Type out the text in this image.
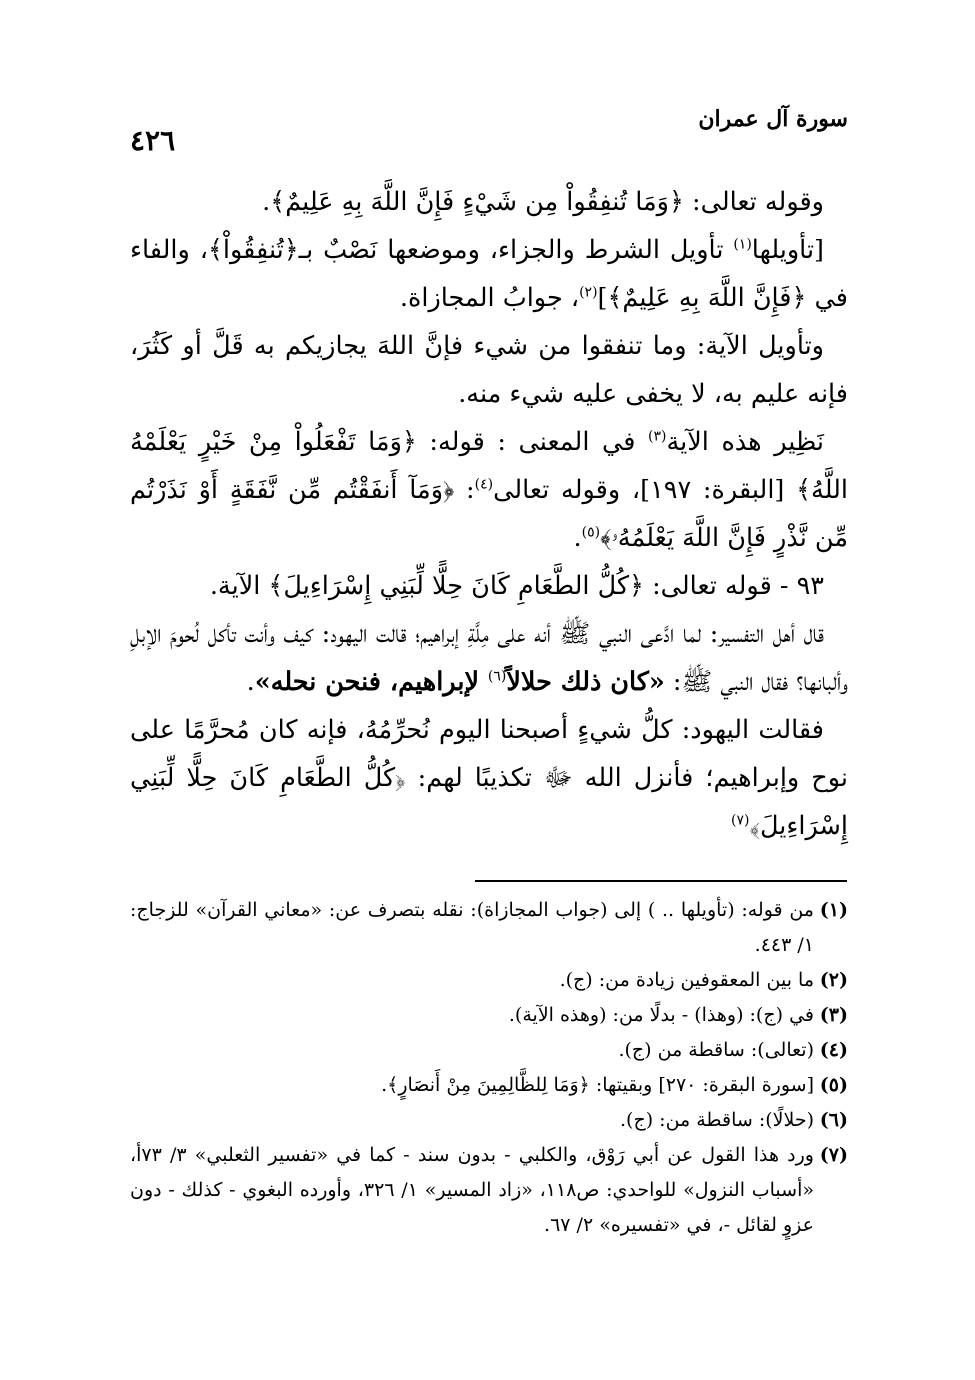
سورة آل عمران
٤٢٦

وقوله تعالى: ﴿وَمَا تُنفِقُواْ مِن شَيْءٍ فَإِنَّ اللَّهَ بِهِ عَلِيمٌ﴾.

[تأويلها$^{(١)}$ تأويل الشرط والجزاء، وموضعها نَصْبٌ بـ﴿تُنفِقُواْ﴾، والفاء في ﴿فَإِنَّ اللَّهَ بِهِ عَلِيمٌ﴾]$^{(٢)}$، جوابُ المجازاة.

وتأويل الآية: وما تنفقوا من شيء فإنَّ اللهَ يجازيكم به قَلَّ أو كَثُرَ، فإنه عليم به، لا يخفى عليه شيء منه.

نَظِير هذه الآية$^{(٣)}$ في المعنى : قوله: ﴿وَمَا تَفْعَلُواْ مِنْ خَيْرٍ يَعْلَمْهُ اللَّهُ﴾ [البقرة: ١٩٧]، وقوله تعالى$^{(٤)}$: ﴿وَمَآ أَنفَقْتُم مِّن نَّفَقَةٍ أَوْ نَذَرْتُم مِّن نَّذْرٍ فَإِنَّ اللَّهَ يَعْلَمُهُۥ﴾$^{(٥)}$.

٩٣ - قوله تعالى: ﴿كُلُّ الطَّعَامِ كَانَ حِلًّا لِّبَنِي إِسْرَاءِيلَ﴾ الآية.

قال أهل التفسير: لما ادَّعى النبي ﷺ أنه على مِلَّةِ إبراهيم؛ قالت اليهود: كيف وأنت تأكل لُحومَ الإبلِ وألبانها؟ فقال النبي ﷺ: «كان ذلك حلالاً$^{(٦)}$ لإبراهيم، فنحن نحله».

فقالت اليهود: كلُّ شيءٍ أصبحنا اليوم نُحرِّمُهُ، فإنه كان مُحرَّمًا على نوح وإبراهيم؛ فأنزل الله ﷻ تكذيبًا لهم: ﴿كُلُّ الطَّعَامِ كَانَ حِلًّا لِّبَنِي إِسْرَاءِيلَ﴾$^{(٧)}$

(١)
من قوله: (تأويلها .. ) إلى (جواب المجازاة): نقله بتصرف عن: «معاني القرآن» للزجاج: ١/ ٤٤٣.
(٢)
ما بين المعقوفين زيادة من: (ج).
(٣)
في (ج): (وهذا) - بدلًا من: (وهذه الآية).
(٤)
(تعالى): ساقطة من (ج).
(٥)
[سورة البقرة: ٢٧٠] وبقيتها: ﴿وَمَا لِلظَّالِمِينَ مِنْ أَنصَارٍ﴾.
(٦)
(حلالًا): ساقطة من: (ج).
(٧)
ورد هذا القول عن أبي رَوْق، والكلبي - بدون سند - كما في «تفسير الثعلبي» ٣/ ٧٣أ، «أسباب النزول» للواحدي: ص١١٨، «زاد المسير» ١/ ٣٢٦، وأورده البغوي - كذلك - دون عزوٍ لقائل -، في «تفسيره» ٢/ ٦٧.
